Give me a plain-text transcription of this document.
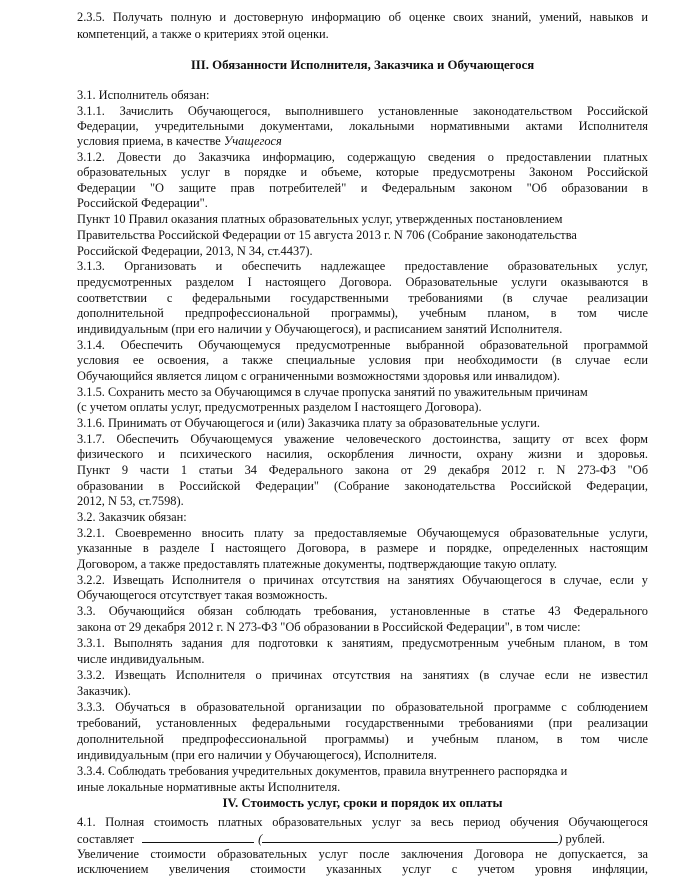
2.3.5. Получать полную и достоверную информацию об оценке своих знаний, умений, навыков и
компетенций, а также о критериях этой оценки.
III. Обязанности Исполнителя, Заказчика и Обучающегося
3.1. Исполнитель обязан:
3.1.1. Зачислить Обучающегося, выполнившего установленные законодательством Российской
Федерации, учредительными документами, локальными нормативными актами Исполнителя
условия приема, в качестве Учащегося
3.1.2. Довести до Заказчика информацию, содержащую сведения о предоставлении платных
образовательных услуг в порядке и объеме, которые предусмотрены Законом Российской
Федерации "О защите прав потребителей" и Федеральным законом "Об образовании в
Российской Федерации".
Пункт 10 Правил оказания платных образовательных услуг, утвержденных постановлением
Правительства Российской Федерации от 15 августа 2013 г. N 706 (Собрание законодательства
Российской Федерации, 2013, N 34, ст.4437).
3.1.3. Организовать и обеспечить надлежащее предоставление образовательных услуг,
предусмотренных разделом I настоящего Договора. Образовательные услуги оказываются в
соответствии с федеральными государственными требованиями (в случае реализации
дополнительной предпрофессиональной программы), учебным планом, в том числе
индивидуальным (при его наличии у Обучающегося), и расписанием занятий Исполнителя.
3.1.4. Обеспечить Обучающемуся предусмотренные выбранной образовательной программой
условия ее освоения, а также специальные условия при необходимости (в случае если
Обучающийся является лицом с ограниченными возможностями здоровья или инвалидом).
3.1.5. Сохранить место за Обучающимся в случае пропуска занятий по уважительным причинам
(с учетом оплаты услуг, предусмотренных разделом I настоящего Договора).
3.1.6. Принимать от Обучающегося и (или) Заказчика плату за образовательные услуги.
3.1.7. Обеспечить Обучающемуся уважение человеческого достоинства, защиту от всех форм
физического и психического насилия, оскорбления личности, охрану жизни и здоровья.
Пункт 9 части 1 статьи 34 Федерального закона от 29 декабря 2012 г. N 273-ФЗ "Об
образовании в Российской Федерации" (Собрание законодательства Российской Федерации,
2012, N 53, ст.7598).
3.2. Заказчик обязан:
3.2.1. Своевременно вносить плату за предоставляемые Обучающемуся образовательные услуги,
указанные в разделе I настоящего Договора, в размере и порядке, определенных настоящим
Договором, а также предоставлять платежные документы, подтверждающие такую оплату.
3.2.2. Извещать Исполнителя о причинах отсутствия на занятиях Обучающегося в случае, если у
Обучающегося отсутствует такая возможность.
3.3. Обучающийся обязан соблюдать требования, установленные в статье 43 Федерального
закона от 29 декабря 2012 г. N 273-ФЗ "Об образовании в Российской Федерации", в том числе:
3.3.1. Выполнять задания для подготовки к занятиям, предусмотренным учебным планом, в том
числе индивидуальным.
3.3.2. Извещать Исполнителя о причинах отсутствия на занятиях (в случае если не известил
Заказчик).
3.3.3. Обучаться в образовательной организации по образовательной программе с соблюдением
требований, установленных федеральными государственными требованиями (при реализации
дополнительной предпрофессиональной программы) и учебным планом, в том числе
индивидуальным (при его наличии у Обучающегося), Исполнителя.
3.3.4. Соблюдать требования учредительных документов, правила внутреннего распорядка и
иные локальные нормативные акты Исполнителя.
IV. Стоимость услуг, сроки и порядок их оплаты
4.1. Полная стоимость платных образовательных услуг за весь период обучения Обучающегося
составляет	(	) рублей.
Увеличение стоимости образовательных услуг после заключения Договора не допускается, за
исключением увеличения стоимости указанных услуг с учетом уровня инфляции,
